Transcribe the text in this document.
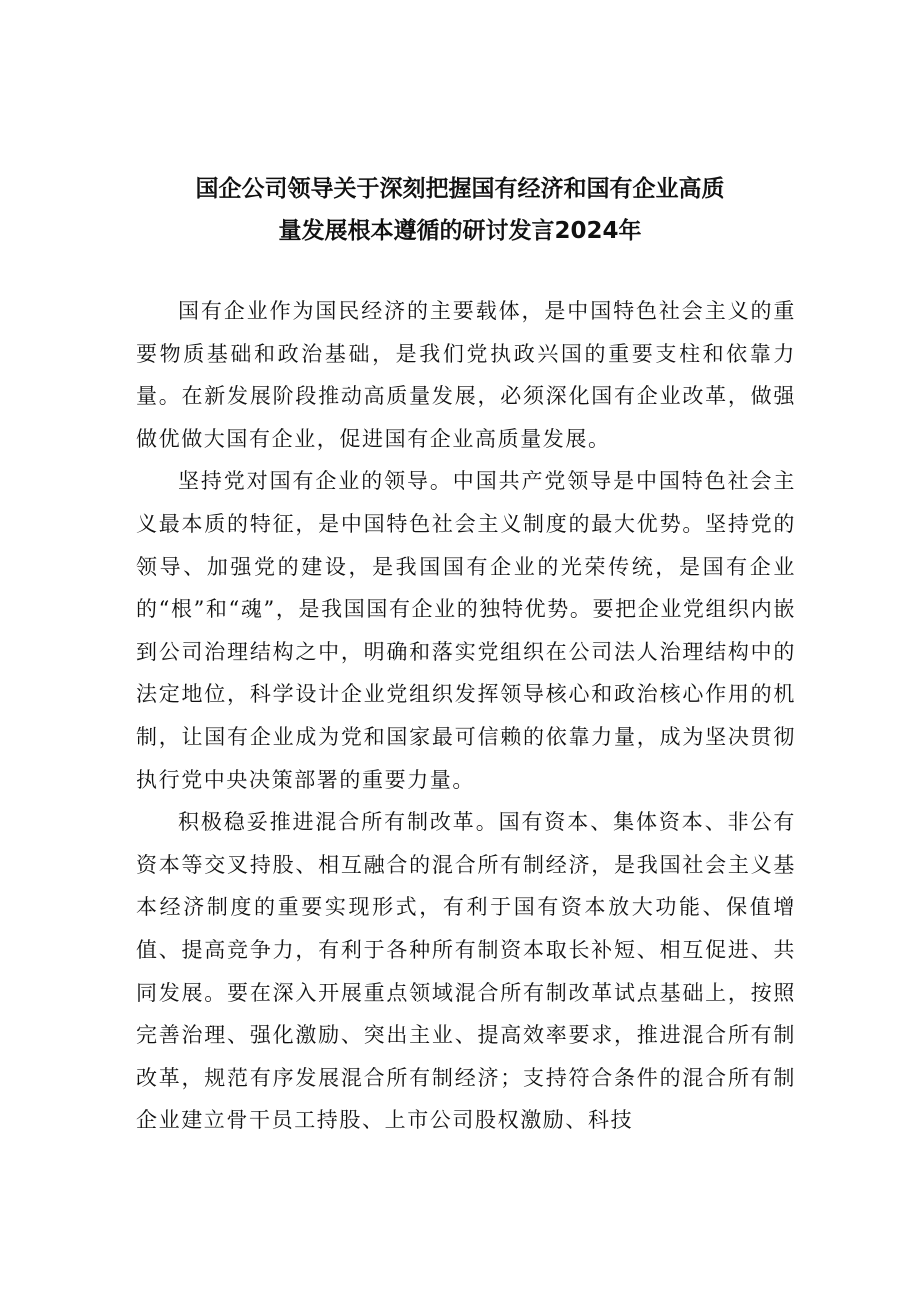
国企公司领导关于深刻把握国有经济和国有企业高质
量发展根本遵循的研讨发言2024年

国有企业作为国民经济的主要载体，是中国特色社会主义的重要物质基础和政治基础，是我们党执政兴国的重要支柱和依靠力量。在新发展阶段推动高质量发展，必须深化国有企业改革，做强做优做大国有企业，促进国有企业高质量发展。

坚持党对国有企业的领导。中国共产党领导是中国特色社会主义最本质的特征，是中国特色社会主义制度的最大优势。坚持党的领导、加强党的建设，是我国国有企业的光荣传统，是国有企业的“根”和“魂”，是我国国有企业的独特优势。要把企业党组织内嵌到公司治理结构之中，明确和落实党组织在公司法人治理结构中的法定地位，科学设计企业党组织发挥领导核心和政治核心作用的机制，让国有企业成为党和国家最可信赖的依靠力量，成为坚决贯彻执行党中央决策部署的重要力量。

积极稳妥推进混合所有制改革。国有资本、集体资本、非公有资本等交叉持股、相互融合的混合所有制经济，是我国社会主义基本经济制度的重要实现形式，有利于国有资本放大功能、保值增值、提高竞争力，有利于各种所有制资本取长补短、相互促进、共同发展。要在深入开展重点领域混合所有制改革试点基础上，按照完善治理、强化激励、突出主业、提高效率要求，推进混合所有制改革，规范有序发展混合所有制经济；支持符合条件的混合所有制企业建立骨干员工持股、上市公司股权激励、科技
